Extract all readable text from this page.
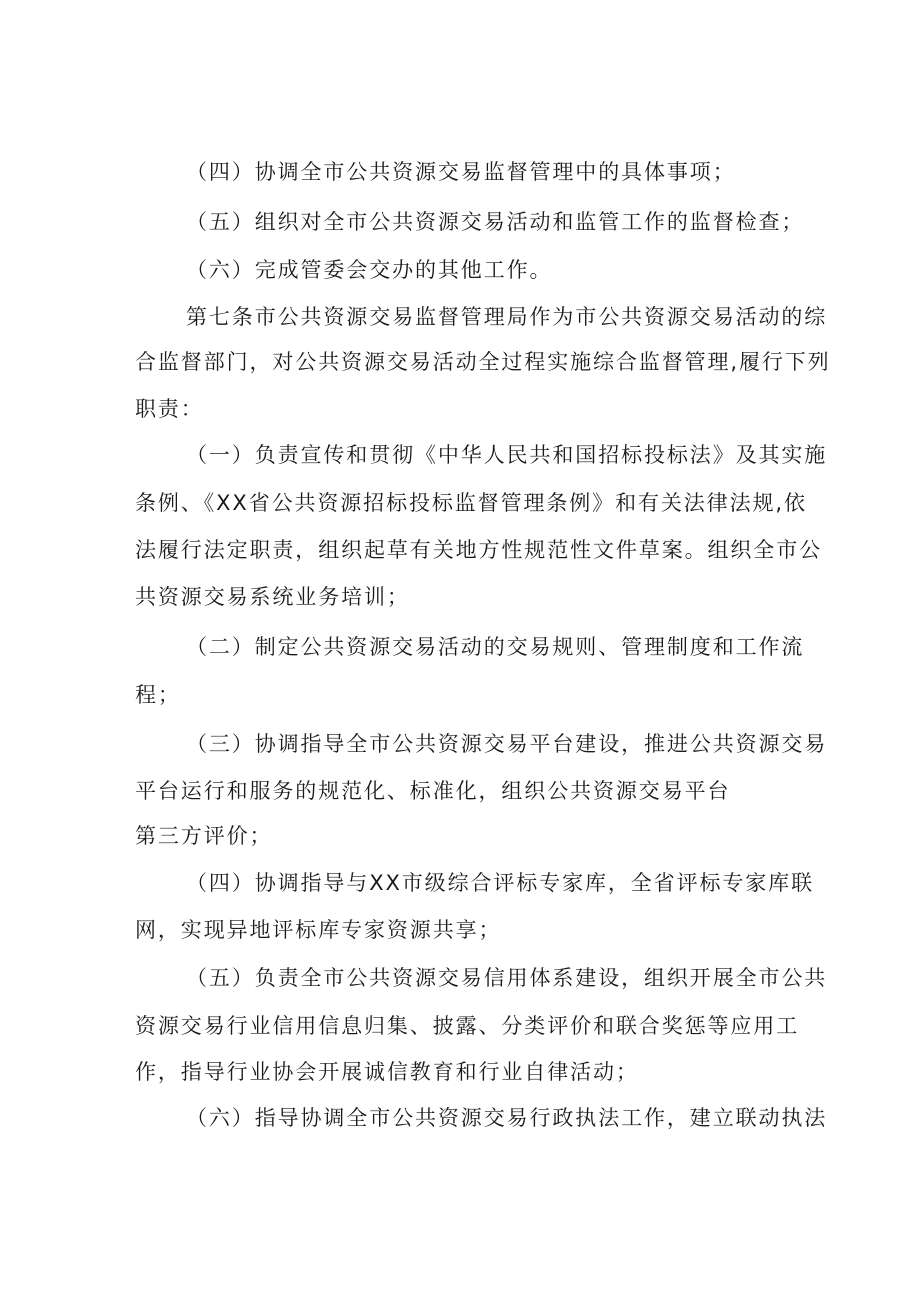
（四）协调全市公共资源交易监督管理中的具体事项；

（五）组织对全市公共资源交易活动和监管工作的监督检查；

（六）完成管委会交办的其他工作。

第七条市公共资源交易监督管理局作为市公共资源交易活动的综

合监督部门，对公共资源交易活动全过程实施综合监督管理,履行下列

职责：

（一）负责宣传和贯彻《中华人民共和国招标投标法》及其实施

条例、《XX省公共资源招标投标监督管理条例》和有关法律法规,依

法履行法定职责，组织起草有关地方性规范性文件草案。组织全市公

共资源交易系统业务培训；

（二）制定公共资源交易活动的交易规则、管理制度和工作流

程；

（三）协调指导全市公共资源交易平台建设，推进公共资源交易

平台运行和服务的规范化、标准化，组织公共资源交易平台

第三方评价；

（四）协调指导与XX市级综合评标专家库，全省评标专家库联

网，实现异地评标库专家资源共享；

（五）负责全市公共资源交易信用体系建设，组织开展全市公共

资源交易行业信用信息归集、披露、分类评价和联合奖惩等应用工

作，指导行业协会开展诚信教育和行业自律活动；

（六）指导协调全市公共资源交易行政执法工作，建立联动执法
